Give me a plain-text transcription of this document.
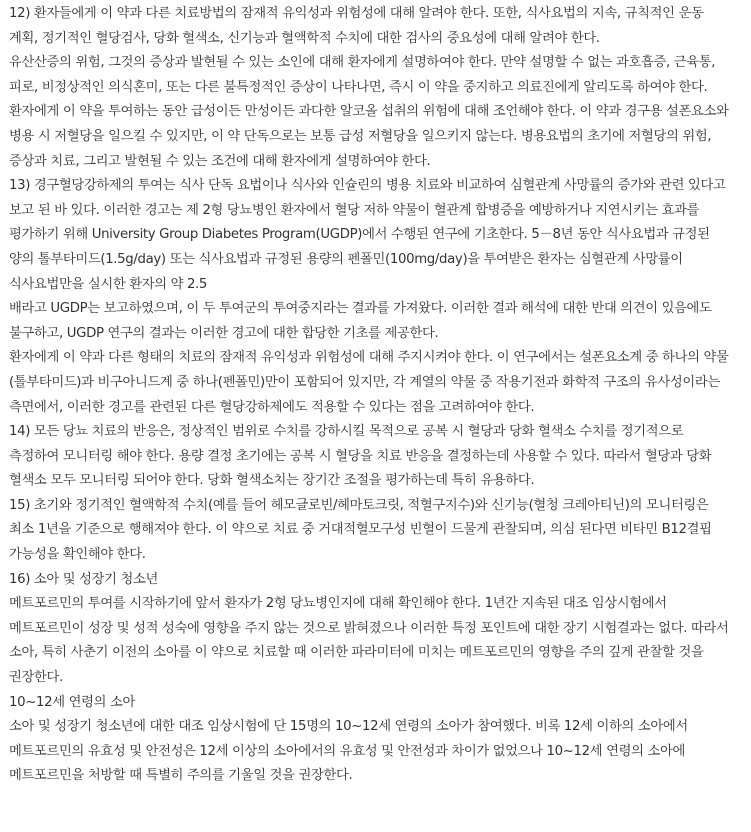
12) 환자들에게 이 약과 다른 치료방법의 잠재적 유익성과 위험성에 대해 알려야 한다. 또한, 식사요법의 지속, 규칙적인 운동 계획, 정기적인 혈당검사, 당화 혈색소, 신기능과 혈액학적 수치에 대한 검사의 중요성에 대해 알려야 한다.

유산산증의 위험, 그것의 증상과 발현될 수 있는 소인에 대해 환자에게 설명하여야 한다. 만약 설명할 수 없는 과호흡증, 근육통, 피로, 비정상적인 의식혼미, 또는 다른 불특정적인 증상이 나타나면, 즉시 이 약을 중지하고 의료진에게 알리도록 하여야 한다.

환자에게 이 약을 투여하는 동안 급성이든 만성이든 과다한 알코올 섭취의 위험에 대해 조언해야 한다. 이 약과 경구용 설폰요소와 병용 시 저혈당을 일으킬 수 있지만, 이 약 단독으로는 보통 급성 저혈당을 일으키지 않는다. 병용요법의 초기에 저혈당의 위험, 증상과 치료, 그리고 발현될 수 있는 조건에 대해 환자에게 설명하여야 한다.

13) 경구혈당강하제의 투여는 식사 단독 요법이나 식사와 인슐린의 병용 치료와 비교하여 심혈관계 사망률의 증가와 관련 있다고 보고 된 바 있다. 이러한 경고는 제 2형 당뇨병인 환자에서 혈당 저하 약물이 혈관계 합병증을 예방하거나 지연시키는 효과를 평가하기 위해 University Group Diabetes Program(UGDP)에서 수행된 연구에 기초한다. 5－8년 동안 식사요법과 규정된 양의 톨부타미드(1.5g/day) 또는 식사요법과 규정된 용량의 펜폴민(100mg/day)을 투여받은 환자는 심혈관계 사망률이 식사요법만을 실시한 환자의 약 2.5

배라고 UGDP는 보고하였으며, 이 두 투여군의 투여중지라는 결과를 가져왔다. 이러한 결과 해석에 대한 반대 의견이 있음에도 불구하고, UGDP 연구의 결과는 이러한 경고에 대한 합당한 기초를 제공한다.

환자에게 이 약과 다른 형태의 치료의 잠재적 유익성과 위험성에 대해 주지시켜야 한다. 이 연구에서는 설폰요소계 중 하나의 약물(톨부타미드)과 비구아니드계 중 하나(펜폴민)만이 포함되어 있지만, 각 계열의 약물 중 작용기전과 화학적 구조의 유사성이라는 측면에서, 이러한 경고를 관련된 다른 혈당강하제에도 적용할 수 있다는 점을 고려하여야 한다.

14) 모든 당뇨 치료의 반응은, 정상적인 범위로 수치를 강하시킬 목적으로 공복 시 혈당과 당화 혈색소 수치를 정기적으로 측정하여 모니터링 해야 한다. 용량 결정 초기에는 공복 시 혈당을 치료 반응을 결정하는데 사용할 수 있다. 따라서 혈당과 당화 혈색소 모두 모니터링 되어야 한다. 당화 혈색소치는 장기간 조절을 평가하는데 특히 유용하다.

15) 초기와 정기적인 혈액학적 수치(예를 들어 헤모글로빈/헤마토크릿, 적혈구지수)와 신기능(혈청 크레아티닌)의 모니터링은 최소 1년을 기준으로 행해져야 한다. 이 약으로 치료 중 거대적혈모구성 빈혈이 드물게 관찰되며, 의심 된다면 비타민 B12결핍 가능성을 확인해야 한다.

16) 소아 및 성장기 청소년

메트포르민의 투여를 시작하기에 앞서 환자가 2형 당뇨병인지에 대해 확인해야 한다. 1년간 지속된 대조 임상시험에서 메트포르민이 성장 및 성적 성숙에 영향을 주지 않는 것으로 밝혀졌으나 이러한 특정 포인트에 대한 장기 시험결과는 없다. 따라서 소아, 특히 사춘기 이전의 소아를 이 약으로 치료할 때 이러한 파라미터에 미치는 메트포르민의 영향을 주의 깊게 관찰할 것을 권장한다.

10~12세 연령의 소아

소아 및 성장기 청소년에 대한 대조 임상시험에 단 15명의 10~12세 연령의 소아가 참여했다. 비록 12세 이하의 소아에서 메트포르민의 유효성 및 안전성은 12세 이상의 소아에서의 유효성 및 안전성과 차이가 없었으나 10~12세 연령의 소아에 메트포르민을 처방할 때 특별히 주의를 기울일 것을 권장한다.
